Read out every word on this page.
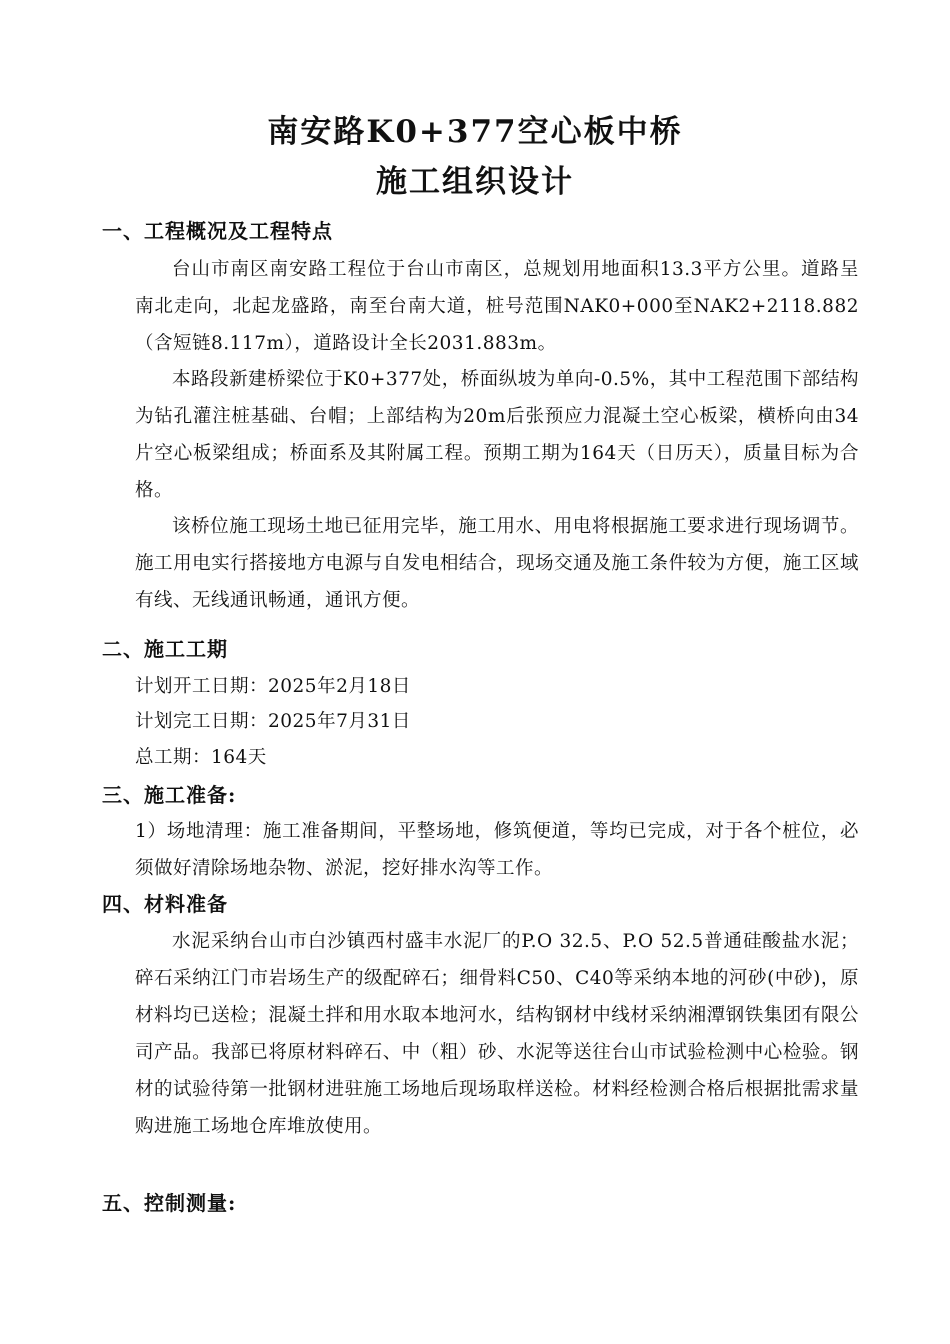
南安路K0+377空心板中桥
施工组织设计
一、工程概况及工程特点
台山市南区南安路工程位于台山市南区，总规划用地面积13.3平方公里。道路呈南北走向，北起龙盛路，南至台南大道，桩号范围NAK0+000至NAK2+2118.882（含短链8.117m），道路设计全长2031.883m。
本路段新建桥梁位于K0+377处，桥面纵坡为单向-0.5%，其中工程范围下部结构为钻孔灌注桩基础、台帽；上部结构为20m后张预应力混凝土空心板梁，横桥向由34片空心板梁组成；桥面系及其附属工程。预期工期为164天（日历天），质量目标为合格。
该桥位施工现场土地已征用完毕，施工用水、用电将根据施工要求进行现场调节。施工用电实行搭接地方电源与自发电相结合，现场交通及施工条件较为方便，施工区域有线、无线通讯畅通，通讯方便。
二、施工工期
计划开工日期：2025年2月18日
计划完工日期：2025年7月31日
总工期：164天
三、施工准备:
1）场地清理：施工准备期间，平整场地，修筑便道，等均已完成，对于各个桩位，必须做好清除场地杂物、淤泥，挖好排水沟等工作。
四、材料准备
水泥采纳台山市白沙镇西村盛丰水泥厂的P.O 32.5、P.O 52.5普通硅酸盐水泥；碎石采纳江门市岩场生产的级配碎石；细骨料C50、C40等采纳本地的河砂(中砂)，原材料均已送检；混凝土拌和用水取本地河水，结构钢材中线材采纳湘潭钢铁集团有限公司产品。我部已将原材料碎石、中（粗）砂、水泥等送往台山市试验检测中心检验。钢材的试验待第一批钢材进驻施工场地后现场取样送检。材料经检测合格后根据批需求量购进施工场地仓库堆放使用。
五、控制测量:
